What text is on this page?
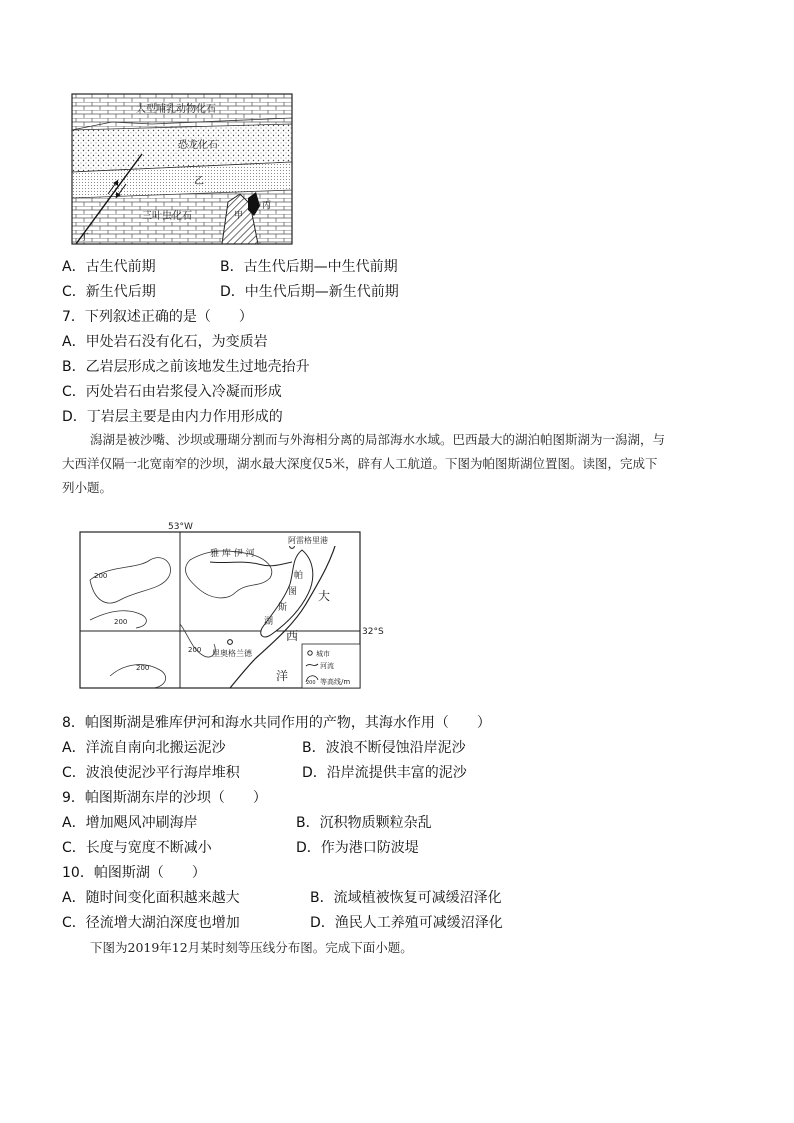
大型哺乳动物化石
恐龙化石
乙
三叶虫化石	甲
丙
丁
A．古生代前期	B．古生代后期—中生代前期
C．新生代后期	D．中生代后期—新生代前期
7．下列叙述正确的是（　　）
A．甲处岩石没有化石，为变质岩
B．乙岩层形成之前该地发生过地壳抬升
C．丙处岩石由岩浆侵入冷凝而形成
D．丁岩层主要是由内力作用形成的
潟湖是被沙嘴、沙坝或珊瑚分割而与外海相分离的局部海水水域。巴西最大的湖泊帕图斯湖为一潟湖，与
大西洋仅隔一北宽南窄的沙坝，湖水最大深度仅5米，辟有人工航道。下图为帕图斯湖位置图。读图，完成下
列小题。
53°W
32°S
雅 库 伊 河
阿雷格里港
里奥格兰德
帕
图
斯
湖
大
西
洋
200
200
200
200
城市
河流
200 等高线/m
8．帕图斯湖是雅库伊河和海水共同作用的产物，其海水作用（　　）
A．洋流自南向北搬运泥沙	B．波浪不断侵蚀沿岸泥沙
C．波浪使泥沙平行海岸堆积	D．沿岸流提供丰富的泥沙
9．帕图斯湖东岸的沙坝（　　）
A．增加飓风冲刷海岸	B．沉积物质颗粒杂乱
C．长度与宽度不断减小	D．作为港口防波堤
10．帕图斯湖（　　）
A．随时间变化面积越来越大	B．流域植被恢复可减缓沼泽化
C．径流增大湖泊深度也增加	D．渔民人工养殖可减缓沼泽化
下图为2019年12月某时刻等压线分布图。完成下面小题。
